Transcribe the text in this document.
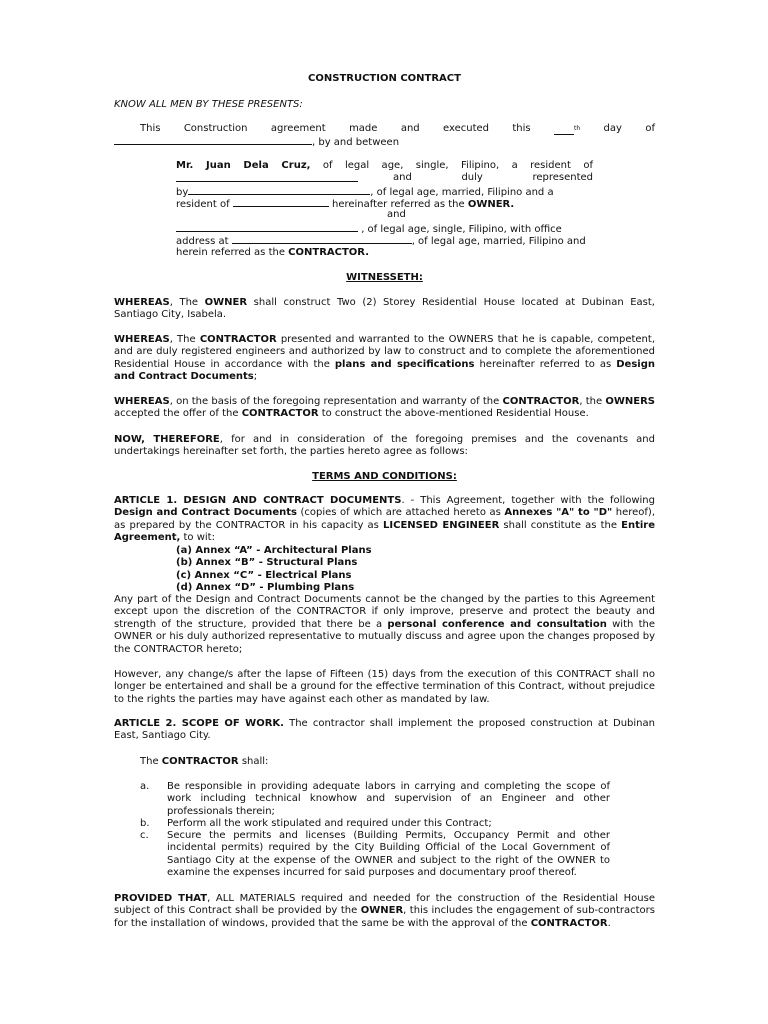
CONSTRUCTION CONTRACT
KNOW ALL MEN BY THESE PRESENTS:
This Construction agreement made and executed this	$^{th}$ day of
, by and between
Mr. Juan Dela Cruz, of legal age, single, Filipino, a resident of
and duly represented
by	, of legal age, married, Filipino and a
resident of	hereinafter referred as the OWNER.
and
, of legal age, single, Filipino, with office
address at	, of legal age, married, Filipino and
herein referred as the CONTRACTOR.
WITNESSETH:
WHEREAS, The OWNER shall construct Two (2) Storey Residential House located at Dubinan East, Santiago City, Isabela.
WHEREAS, The CONTRACTOR presented and warranted to the OWNERS that he is capable, competent, and are duly registered engineers and authorized by law to construct and to complete the aforementioned Residential House in accordance with the plans and specifications hereinafter referred to as Design and Contract Documents;
WHEREAS, on the basis of the foregoing representation and warranty of the CONTRACTOR, the OWNERS accepted the offer of the CONTRACTOR to construct the above-mentioned Residential House.
NOW, THEREFORE, for and in consideration of the foregoing premises and the covenants and undertakings hereinafter set forth, the parties hereto agree as follows:
TERMS AND CONDITIONS:
ARTICLE 1. DESIGN AND CONTRACT DOCUMENTS. - This Agreement, together with the following Design and Contract Documents (copies of which are attached hereto as Annexes "A" to "D" hereof), as prepared by the CONTRACTOR in his capacity as LICENSED ENGINEER shall constitute as the Entire Agreement, to wit:
(a) Annex “A” - Architectural Plans
(b) Annex “B” - Structural Plans
(c) Annex “C” - Electrical Plans
(d) Annex “D” - Plumbing Plans
Any part of the Design and Contract Documents cannot be the changed by the parties to this Agreement except upon the discretion of the CONTRACTOR if only improve, preserve and protect the beauty and strength of the structure, provided that there be a personal conference and consultation with the OWNER or his duly authorized representative to mutually discuss and agree upon the changes proposed by the CONTRACTOR hereto;
However, any change/s after the lapse of Fifteen (15) days from the execution of this CONTRACT shall no longer be entertained and shall be a ground for the effective termination of this Contract, without prejudice to the rights the parties may have against each other as mandated by law.
ARTICLE 2. SCOPE OF WORK. The contractor shall implement the proposed construction at Dubinan East, Santiago City.
The CONTRACTOR shall:
a. Be responsible in providing adequate labors in carrying and completing the scope of work including technical knowhow and supervision of an Engineer and other professionals therein;
b. Perform all the work stipulated and required under this Contract;
c. Secure the permits and licenses (Building Permits, Occupancy Permit and other incidental permits) required by the City Building Official of the Local Government of Santiago City at the expense of the OWNER and subject to the right of the OWNER to examine the expenses incurred for said purposes and documentary proof thereof.
PROVIDED THAT, ALL MATERIALS required and needed for the construction of the Residential House subject of this Contract shall be provided by the OWNER, this includes the engagement of sub-contractors for the installation of windows, provided that the same be with the approval of the CONTRACTOR.
